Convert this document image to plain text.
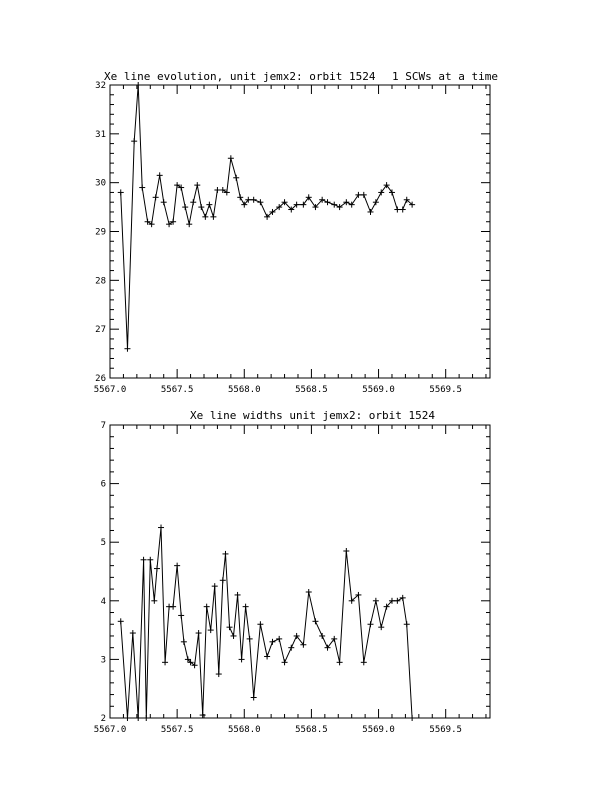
Xe line evolution, unit jemx2: orbit 1524 1 SCWs at a time
Xe line widths unit jemx2: orbit 1524
5567.0	5567.5	5568.0	5568.5	5569.0	5569.5
26
27
28
29
30
31
32
5567.0	5567.5	5568.0	5568.5	5569.0	5569.5
2
3
4
5
6
7
